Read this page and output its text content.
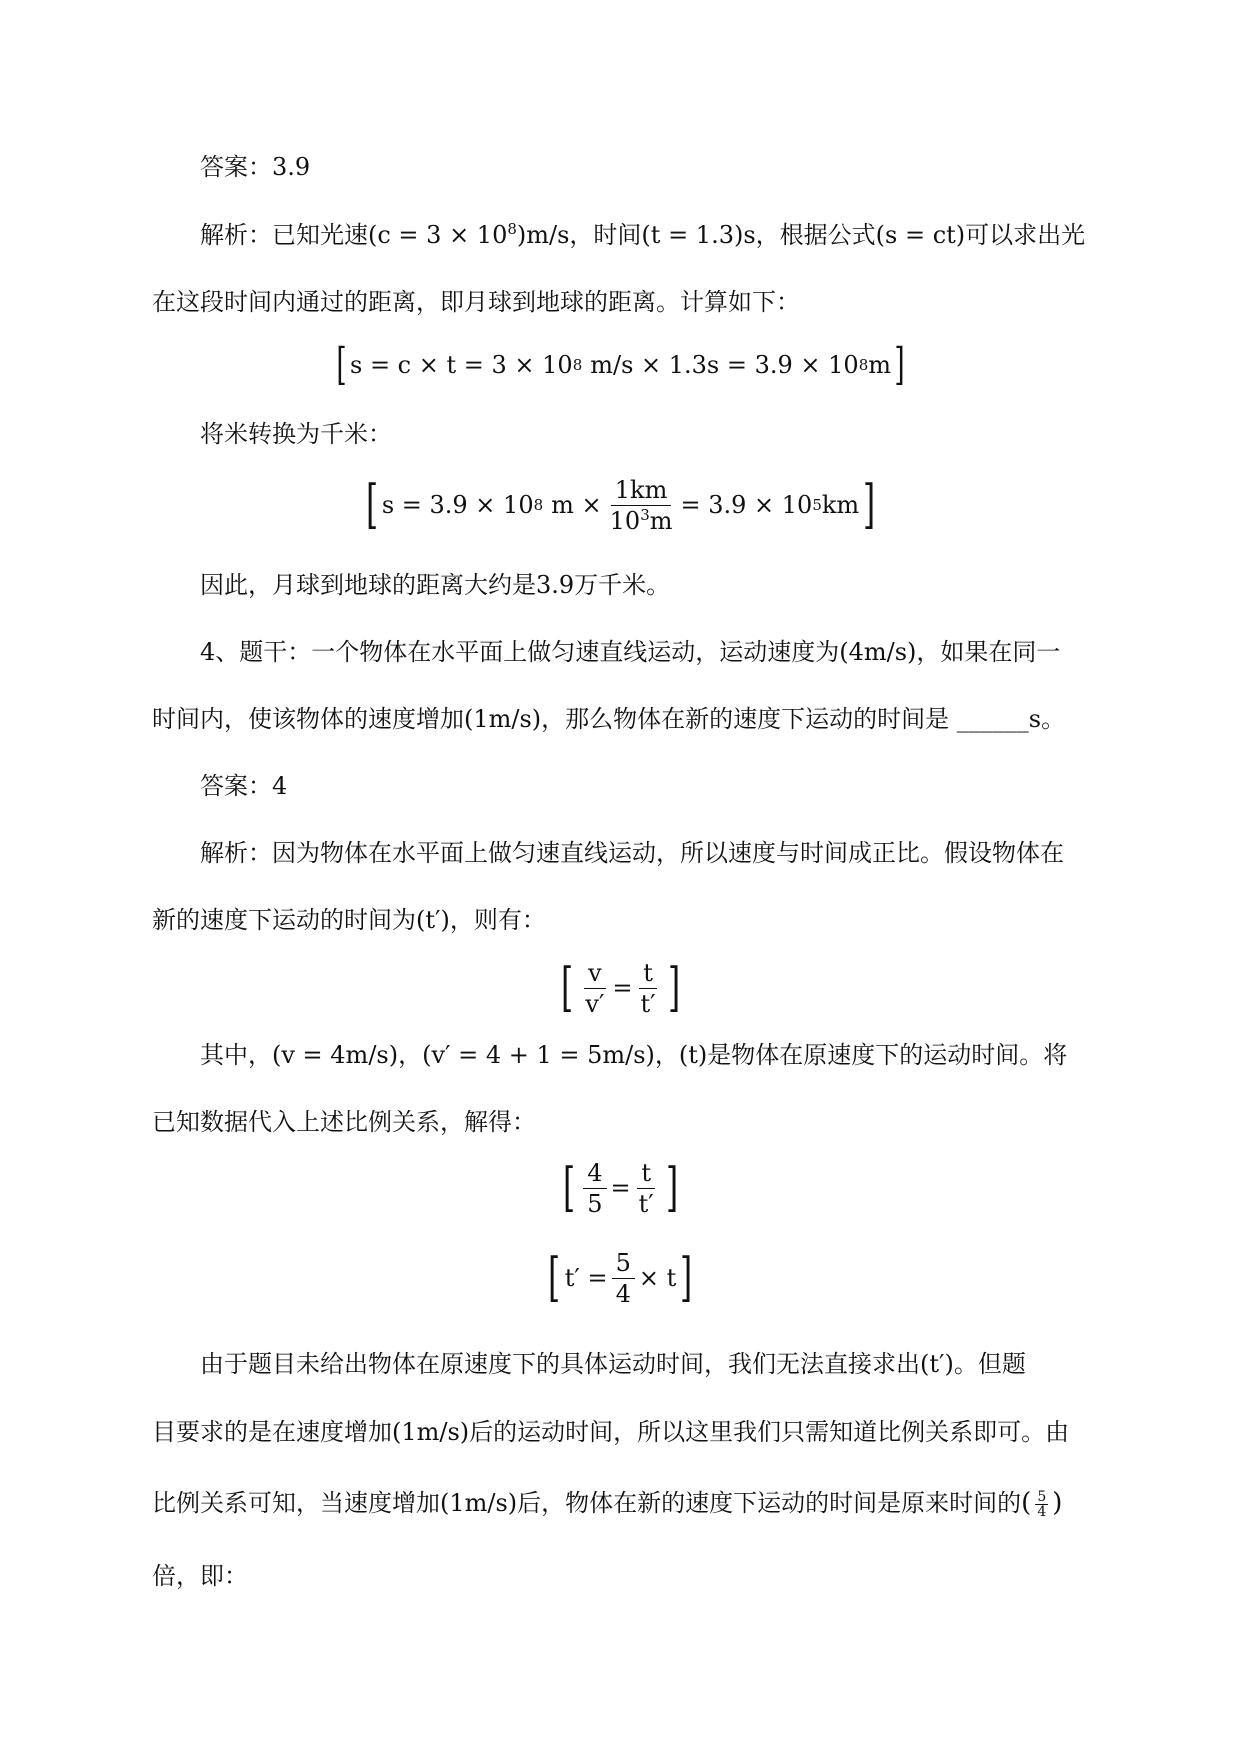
答案：3.9
解析：已知光速$(c = 3 \times 10^8)m/s$，时间(t = 1.3)s，根据公式(s = ct)可以求出光
在这段时间内通过的距离，即月球到地球的距离。计算如下：
[ s = c × t = 3 × 10 8 m/s × 1.3s = 3.9 × 10 8 m ]
将米转换为千米：
[ s = 3.9 × 10 8 $m \times \frac{1km}{10^3m} = 3.9 \times 10$ 5 km ]
因此，月球到地球的距离大约是3.9万千米。
4、题干：一个物体在水平面上做匀速直线运动，运动速度为(4m/s)，如果在同一
时间内，使该物体的速度增加(1m/s)，那么物体在新的速度下运动的时间是 ______s。
答案：4
解析：因为物体在水平面上做匀速直线运动，所以速度与时间成正比。假设物体在
新的速度下运动的时间为(t′)，则有：
[ $\frac{v}{v'} = \frac{t}{t'}$ ]
其中，(v = 4m/s)，(v′ = 4 + 1 = 5m/s)，(t)是物体在原速度下的运动时间。将
已知数据代入上述比例关系，解得：
[ $\frac{4}{5} = \frac{t}{t'}$ ]
[ $t' = \frac{5}{4} \times t$ ]
由于题目未给出物体在原速度下的具体运动时间，我们无法直接求出(t′)。但题
目要求的是在速度增加(1m/s)后的运动时间，所以这里我们只需知道比例关系即可。由
比例关系可知，当速度增加(1m/s)后，物体在新的速度下运动的时间是原来时间的( $\frac{5}{4}$ )
倍，即：
